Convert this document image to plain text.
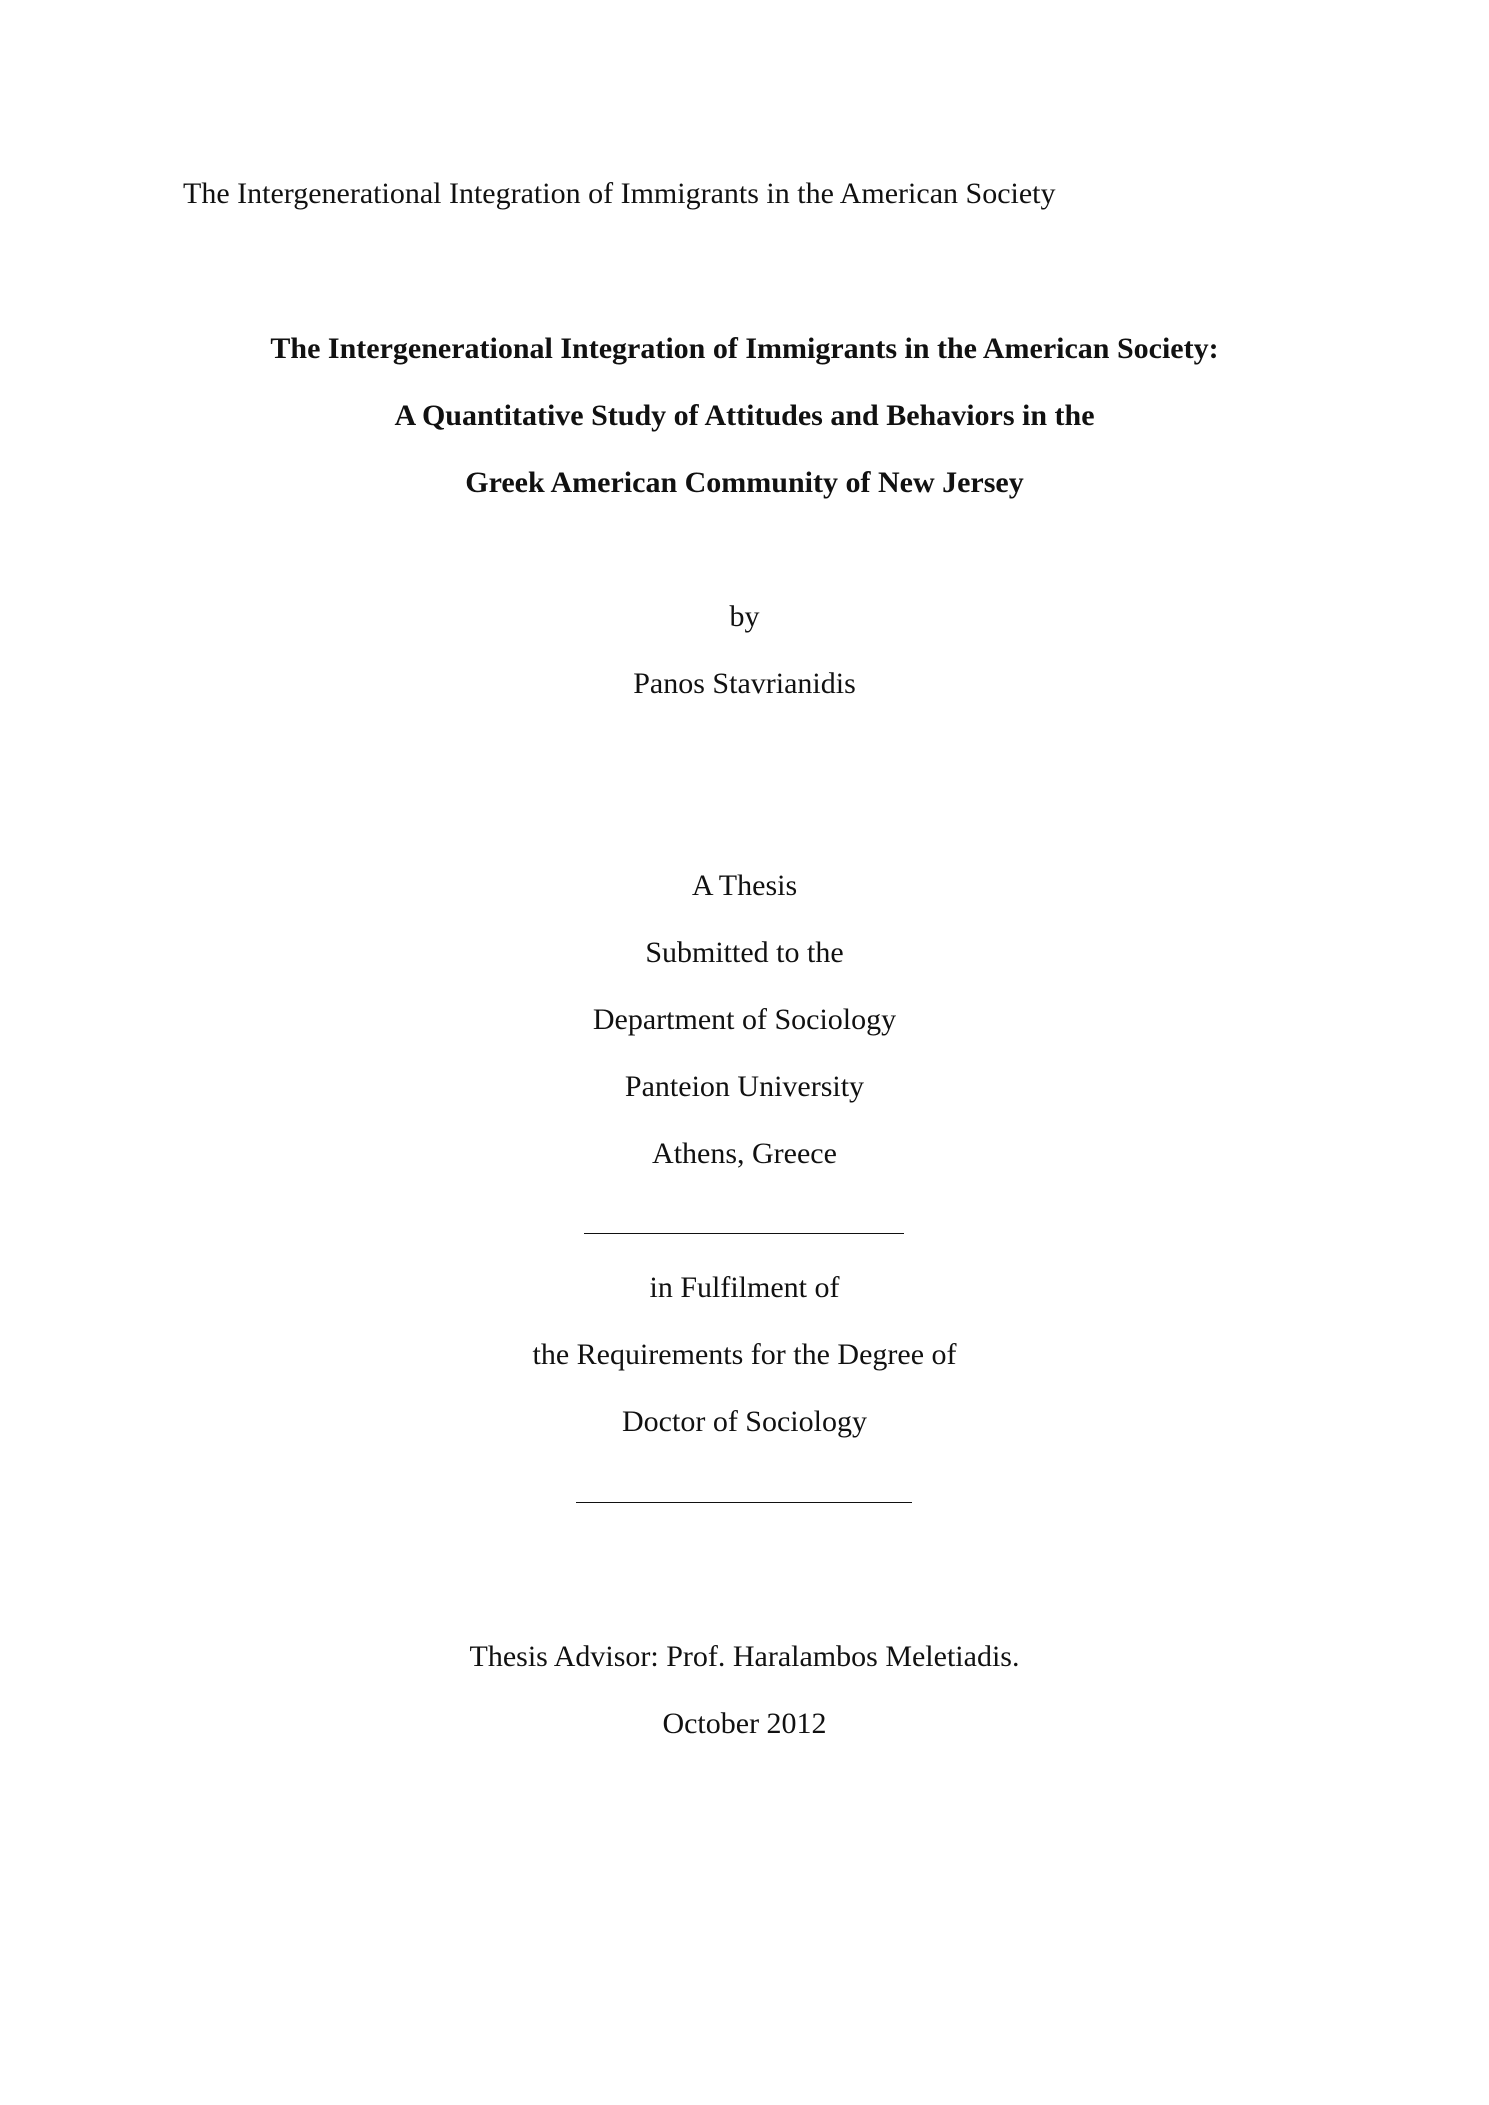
The Intergenerational Integration of Immigrants in the American Society
The Intergenerational Integration of Immigrants in the American Society:
A Quantitative Study of Attitudes and Behaviors in the
Greek American Community of New Jersey
by
Panos Stavrianidis
A Thesis
Submitted to the
Department of Sociology
Panteion University
Athens, Greece
in Fulfilment of
the Requirements for the Degree of
Doctor of Sociology
Thesis Advisor: Prof. Haralambos Meletiadis.
October 2012
